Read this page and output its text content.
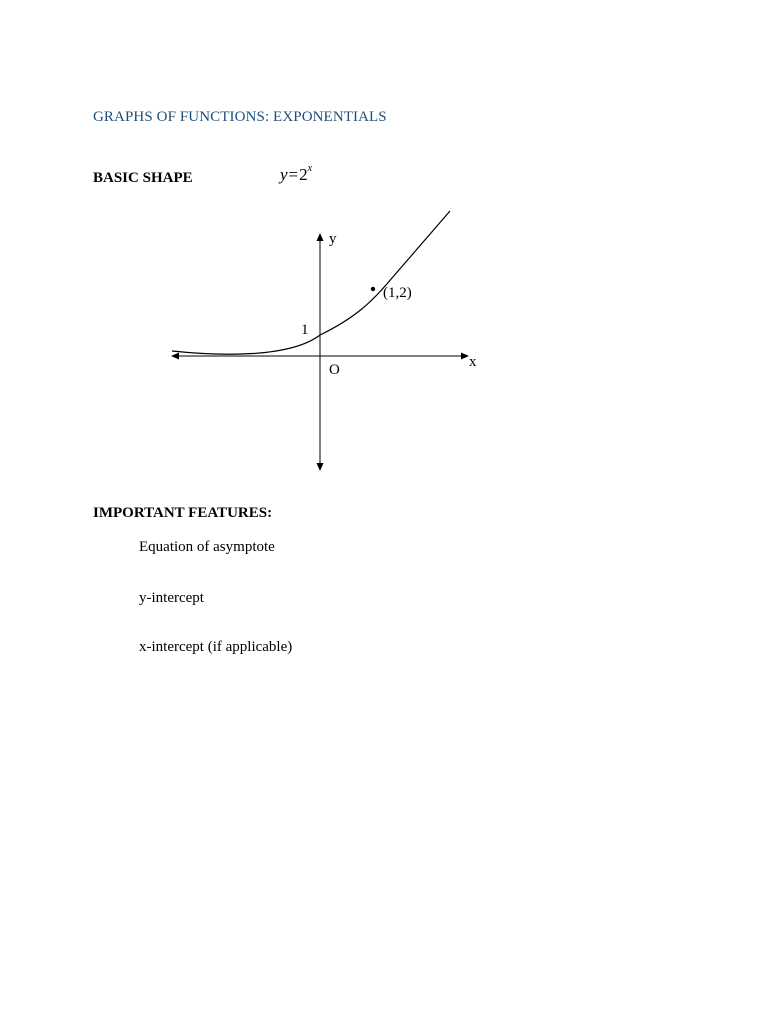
GRAPHS OF FUNCTIONS: EXPONENTIALS
BASIC SHAPE	$y=2^x$
y
x
O
1
(1,2)
IMPORTANT FEATURES:
Equation of asymptote
y-intercept
x-intercept (if applicable)
